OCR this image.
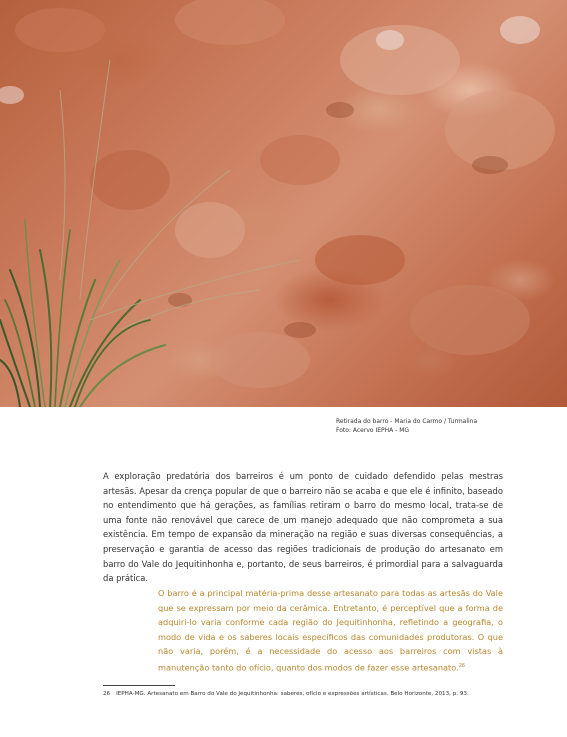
Retirada do barro - Maria do Carmo / Turmalina
Foto: Acervo IEPHA - MG

A exploração predatória dos barreiros é um ponto de cuidado defendido pelas mestras artesãs. Apesar da crença popular de que o barreiro não se acaba e que ele é infinito, baseado no entendimento que há gerações, as famílias retiram o barro do mesmo local, trata-se de uma fonte não renovável que carece de um manejo adequado que não comprometa a sua existência. Em tempo de expansão da mineração na região e suas diversas consequências, a preservação e garantia de acesso das regiões tradicionais de produção do artesanato em barro do Vale do Jequitinhonha e, portanto, de seus barreiros, é primordial para a salvaguarda da prática.

O barro é a principal matéria-prima desse artesanato para todas as artesãs do Vale que se expressam por meio da cerâmica. Entretanto, é perceptível que a forma de adquiri-lo varia conforme cada região do Jequitinhonha, refletindo a geografia, o modo de vida e os saberes locais específicos das comunidades produtoras. O que não varia, porém, é a necessidade do acesso aos barreiros com vistas à manutenção tanto do ofício, quanto dos modos de fazer esse artesanato.$^{26}$

26 IEPHA-MG. Artesanato em Barro do Vale do Jequitinhonha: saberes, ofício e expressões artísticas. Belo Horizonte, 2013, p. 93.
